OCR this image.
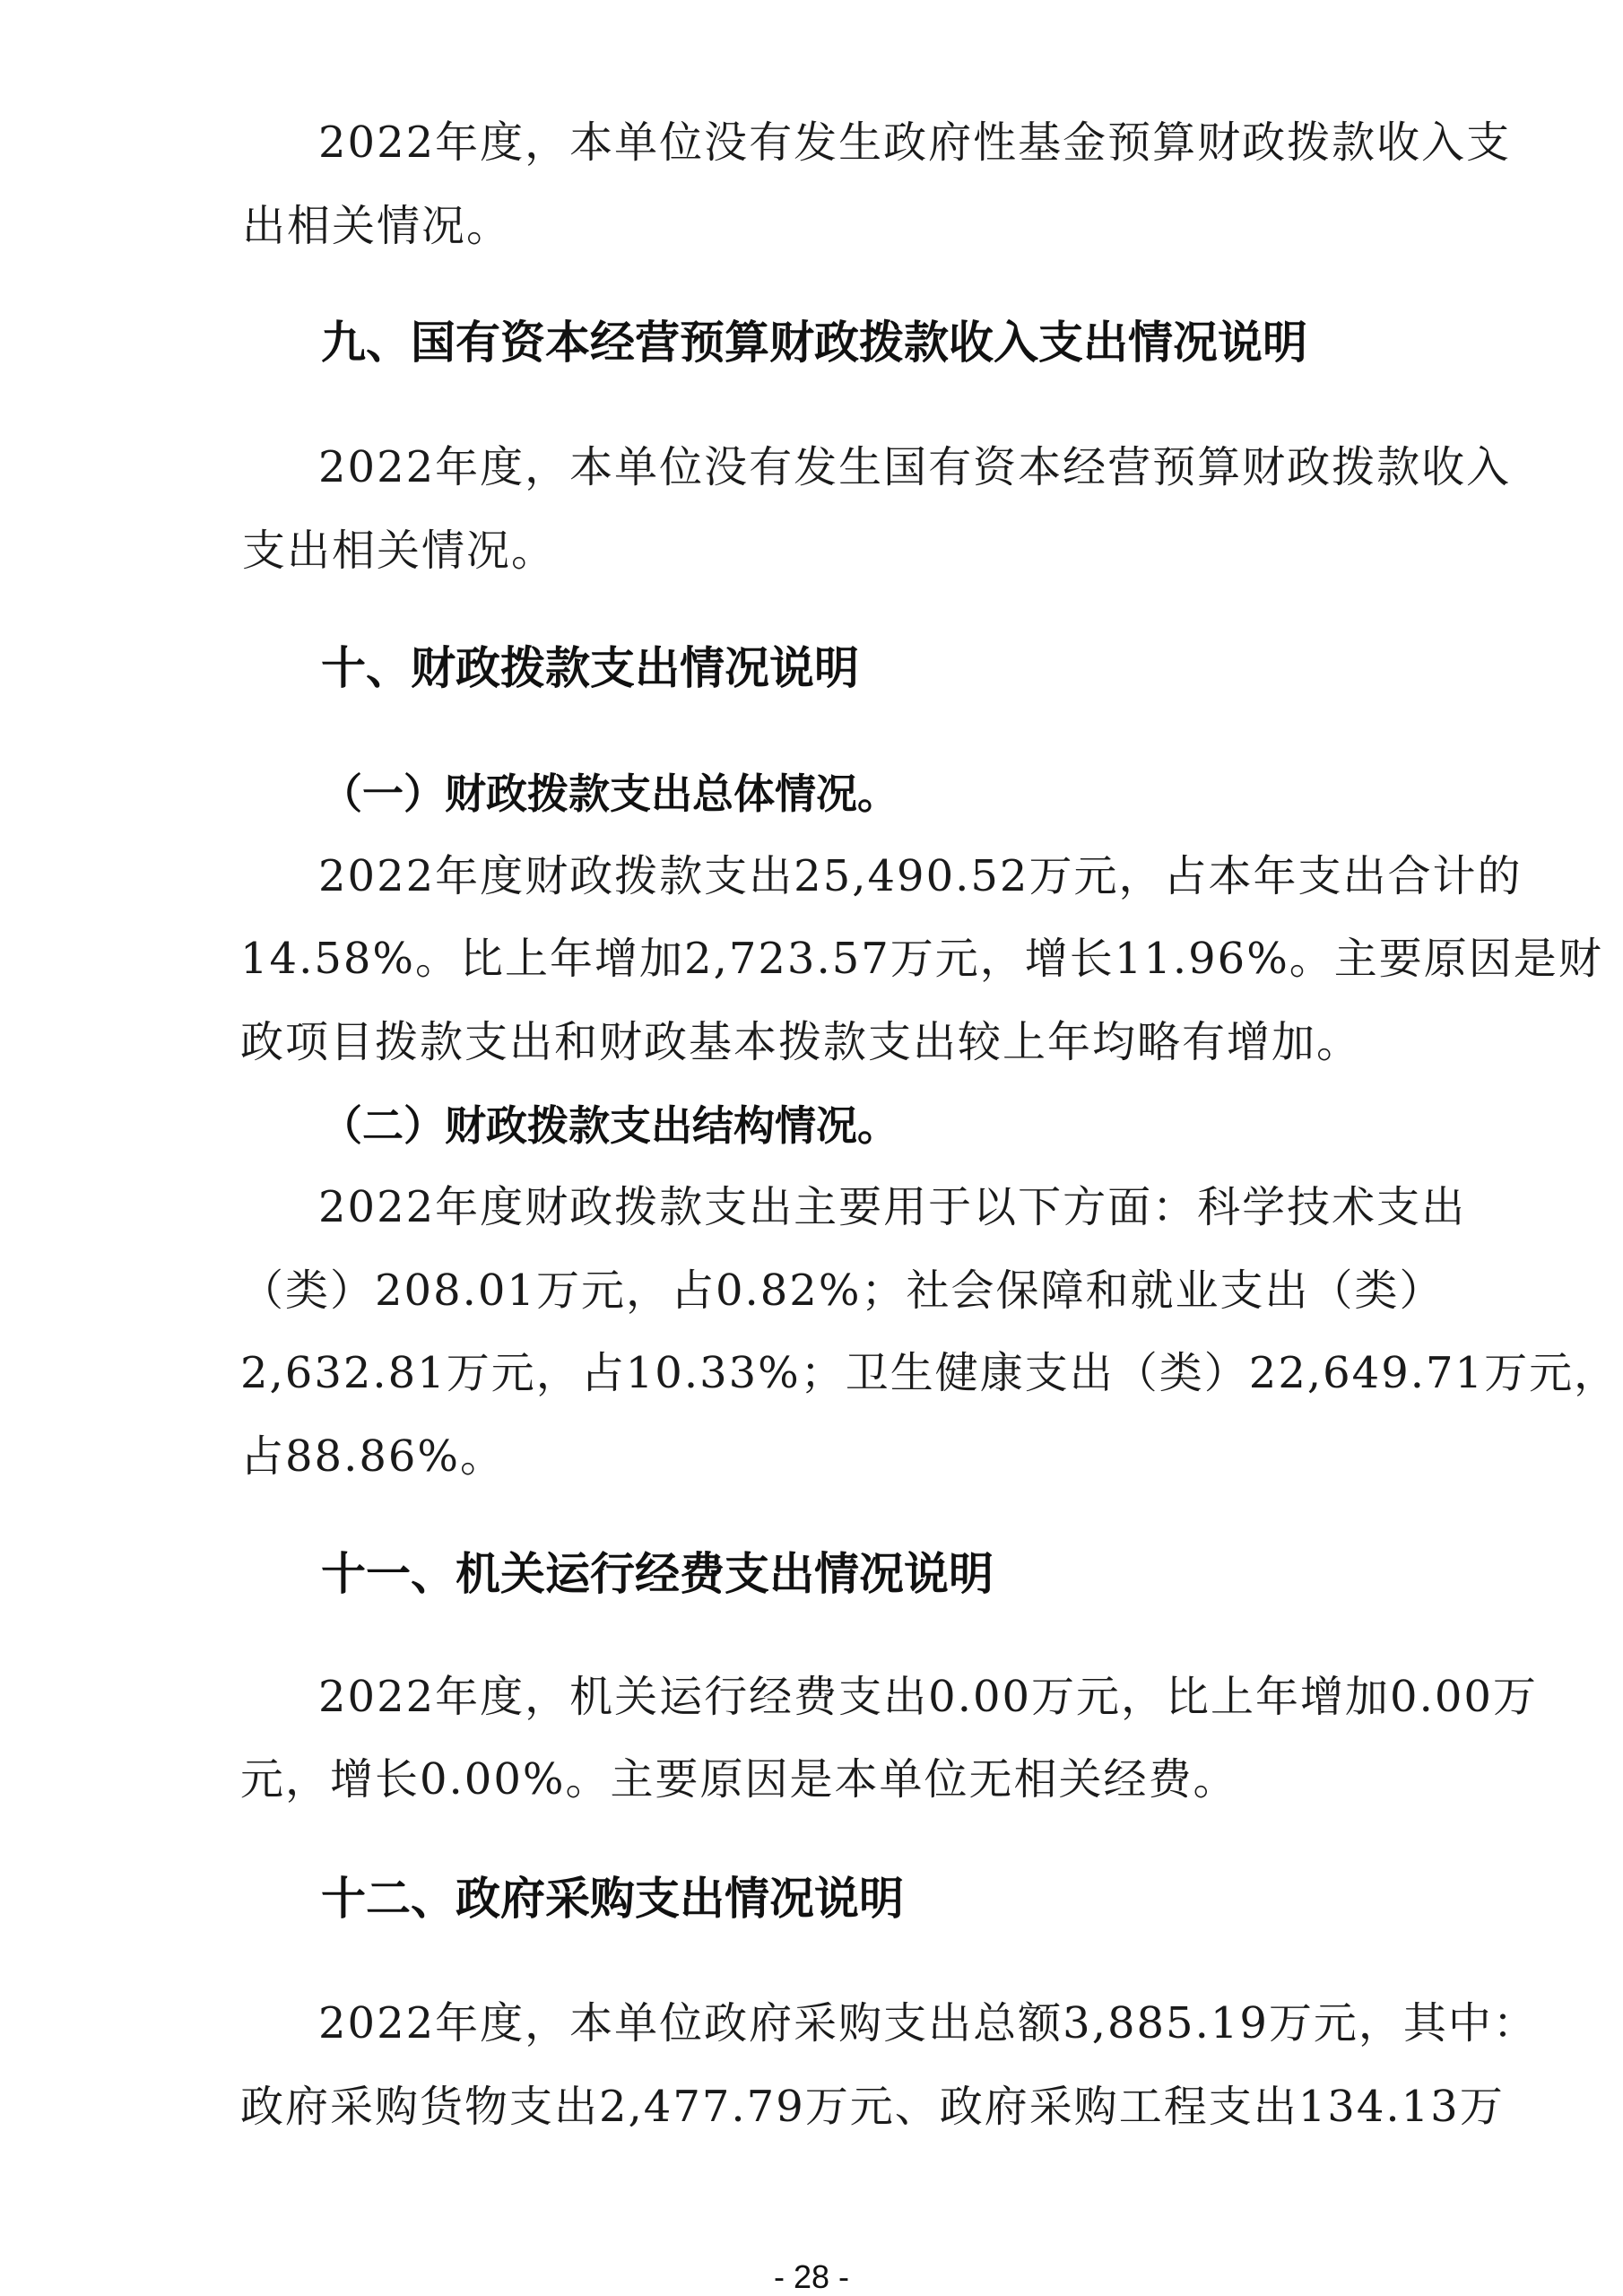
2022年度，本单位没有发生政府性基金预算财政拨款收入支
出相关情况。
九、国有资本经营预算财政拨款收入支出情况说明
2022年度，本单位没有发生国有资本经营预算财政拨款收入
支出相关情况。
十、财政拨款支出情况说明
（一）财政拨款支出总体情况。
2022年度财政拨款支出25,490.52万元，占本年支出合计的
14.58%。比上年增加2,723.57万元，增长11.96%。主要原因是财
政项目拨款支出和财政基本拨款支出较上年均略有增加。
（二）财政拨款支出结构情况。
2022年度财政拨款支出主要用于以下方面：科学技术支出
（类）208.01万元，占0.82%；社会保障和就业支出（类）
2,632.81万元，占10.33%；卫生健康支出（类）22,649.71万元，
占88.86%。
十一、机关运行经费支出情况说明
2022年度，机关运行经费支出0.00万元，比上年增加0.00万
元，增长0.00%。主要原因是本单位无相关经费。
十二、政府采购支出情况说明
2022年度，本单位政府采购支出总额3,885.19万元，其中：
政府采购货物支出2,477.79万元、政府采购工程支出134.13万
- 28 -
